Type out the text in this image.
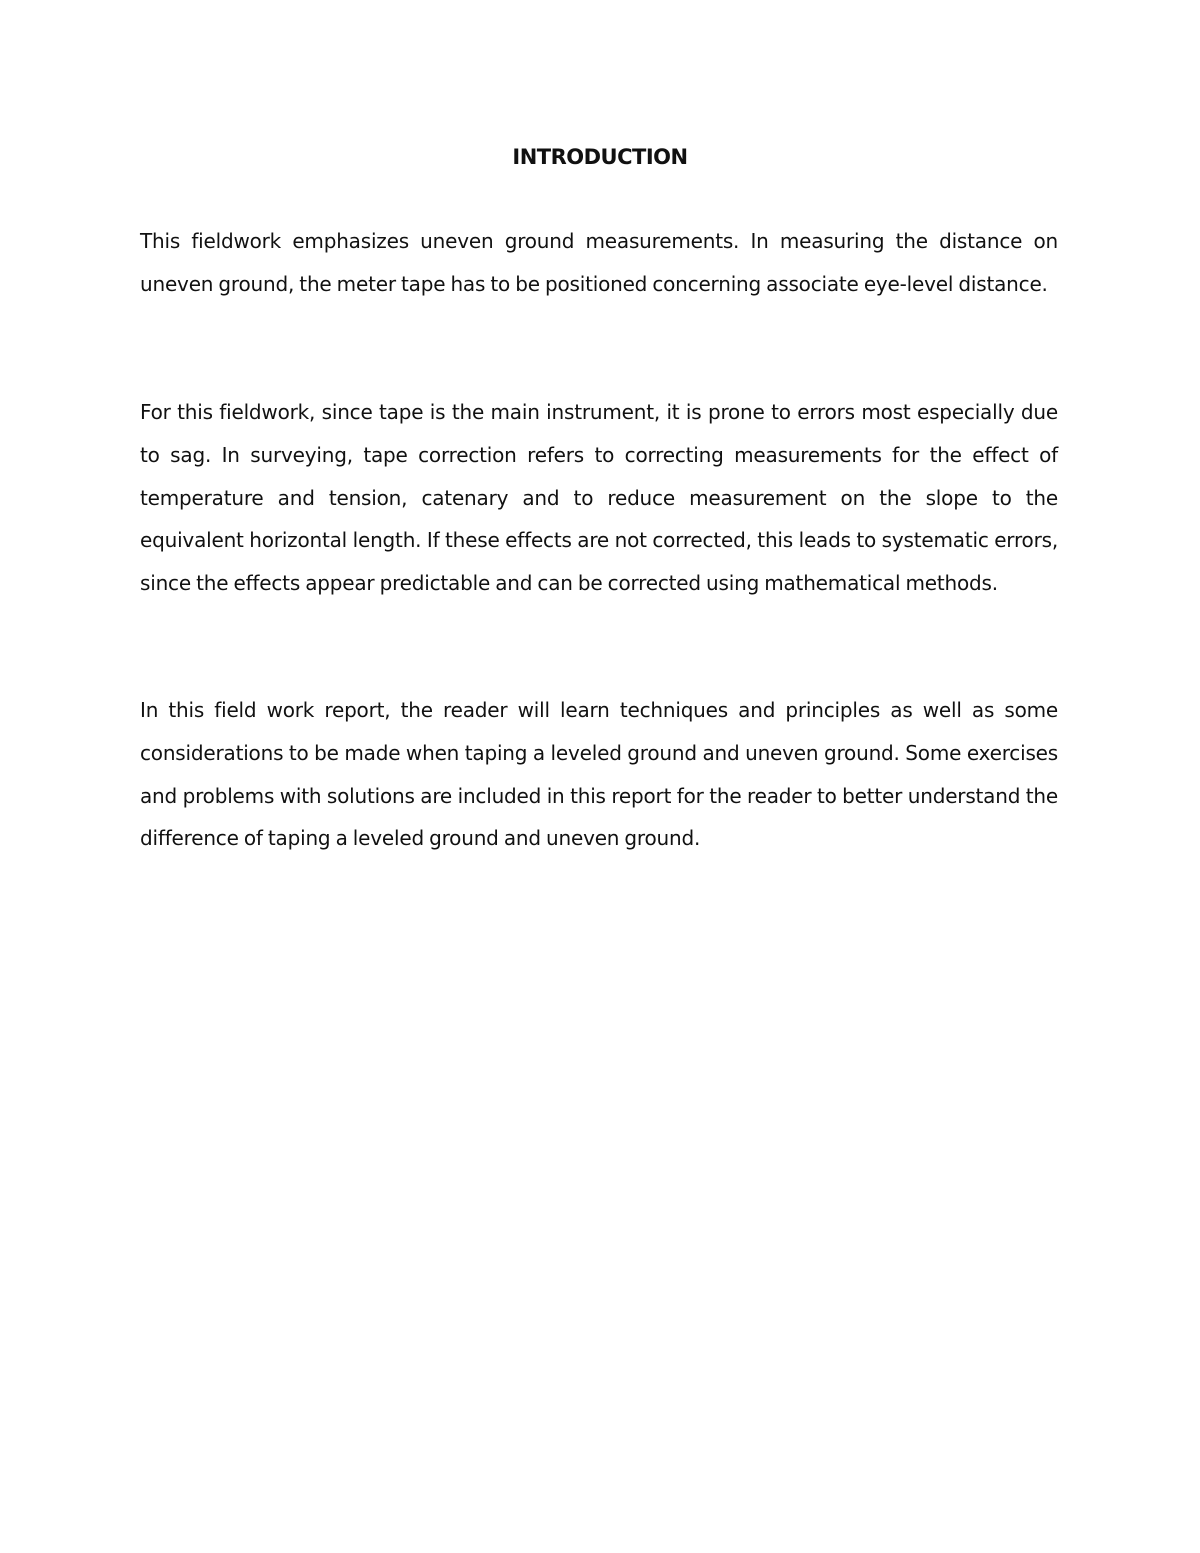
INTRODUCTION

This fieldwork emphasizes uneven ground measurements. In measuring the distance on uneven ground, the meter tape has to be positioned concerning associate eye-level distance.

For this fieldwork, since tape is the main instrument, it is prone to errors most especially due to sag. In surveying, tape correction refers to correcting measurements for the effect of temperature and tension, catenary and to reduce measurement on the slope to the equivalent horizontal length. If these effects are not corrected, this leads to systematic errors, since the effects appear predictable and can be corrected using mathematical methods.

In this field work report, the reader will learn techniques and principles as well as some considerations to be made when taping a leveled ground and uneven ground. Some exercises and problems with solutions are included in this report for the reader to better understand the difference of taping a leveled ground and uneven ground.
